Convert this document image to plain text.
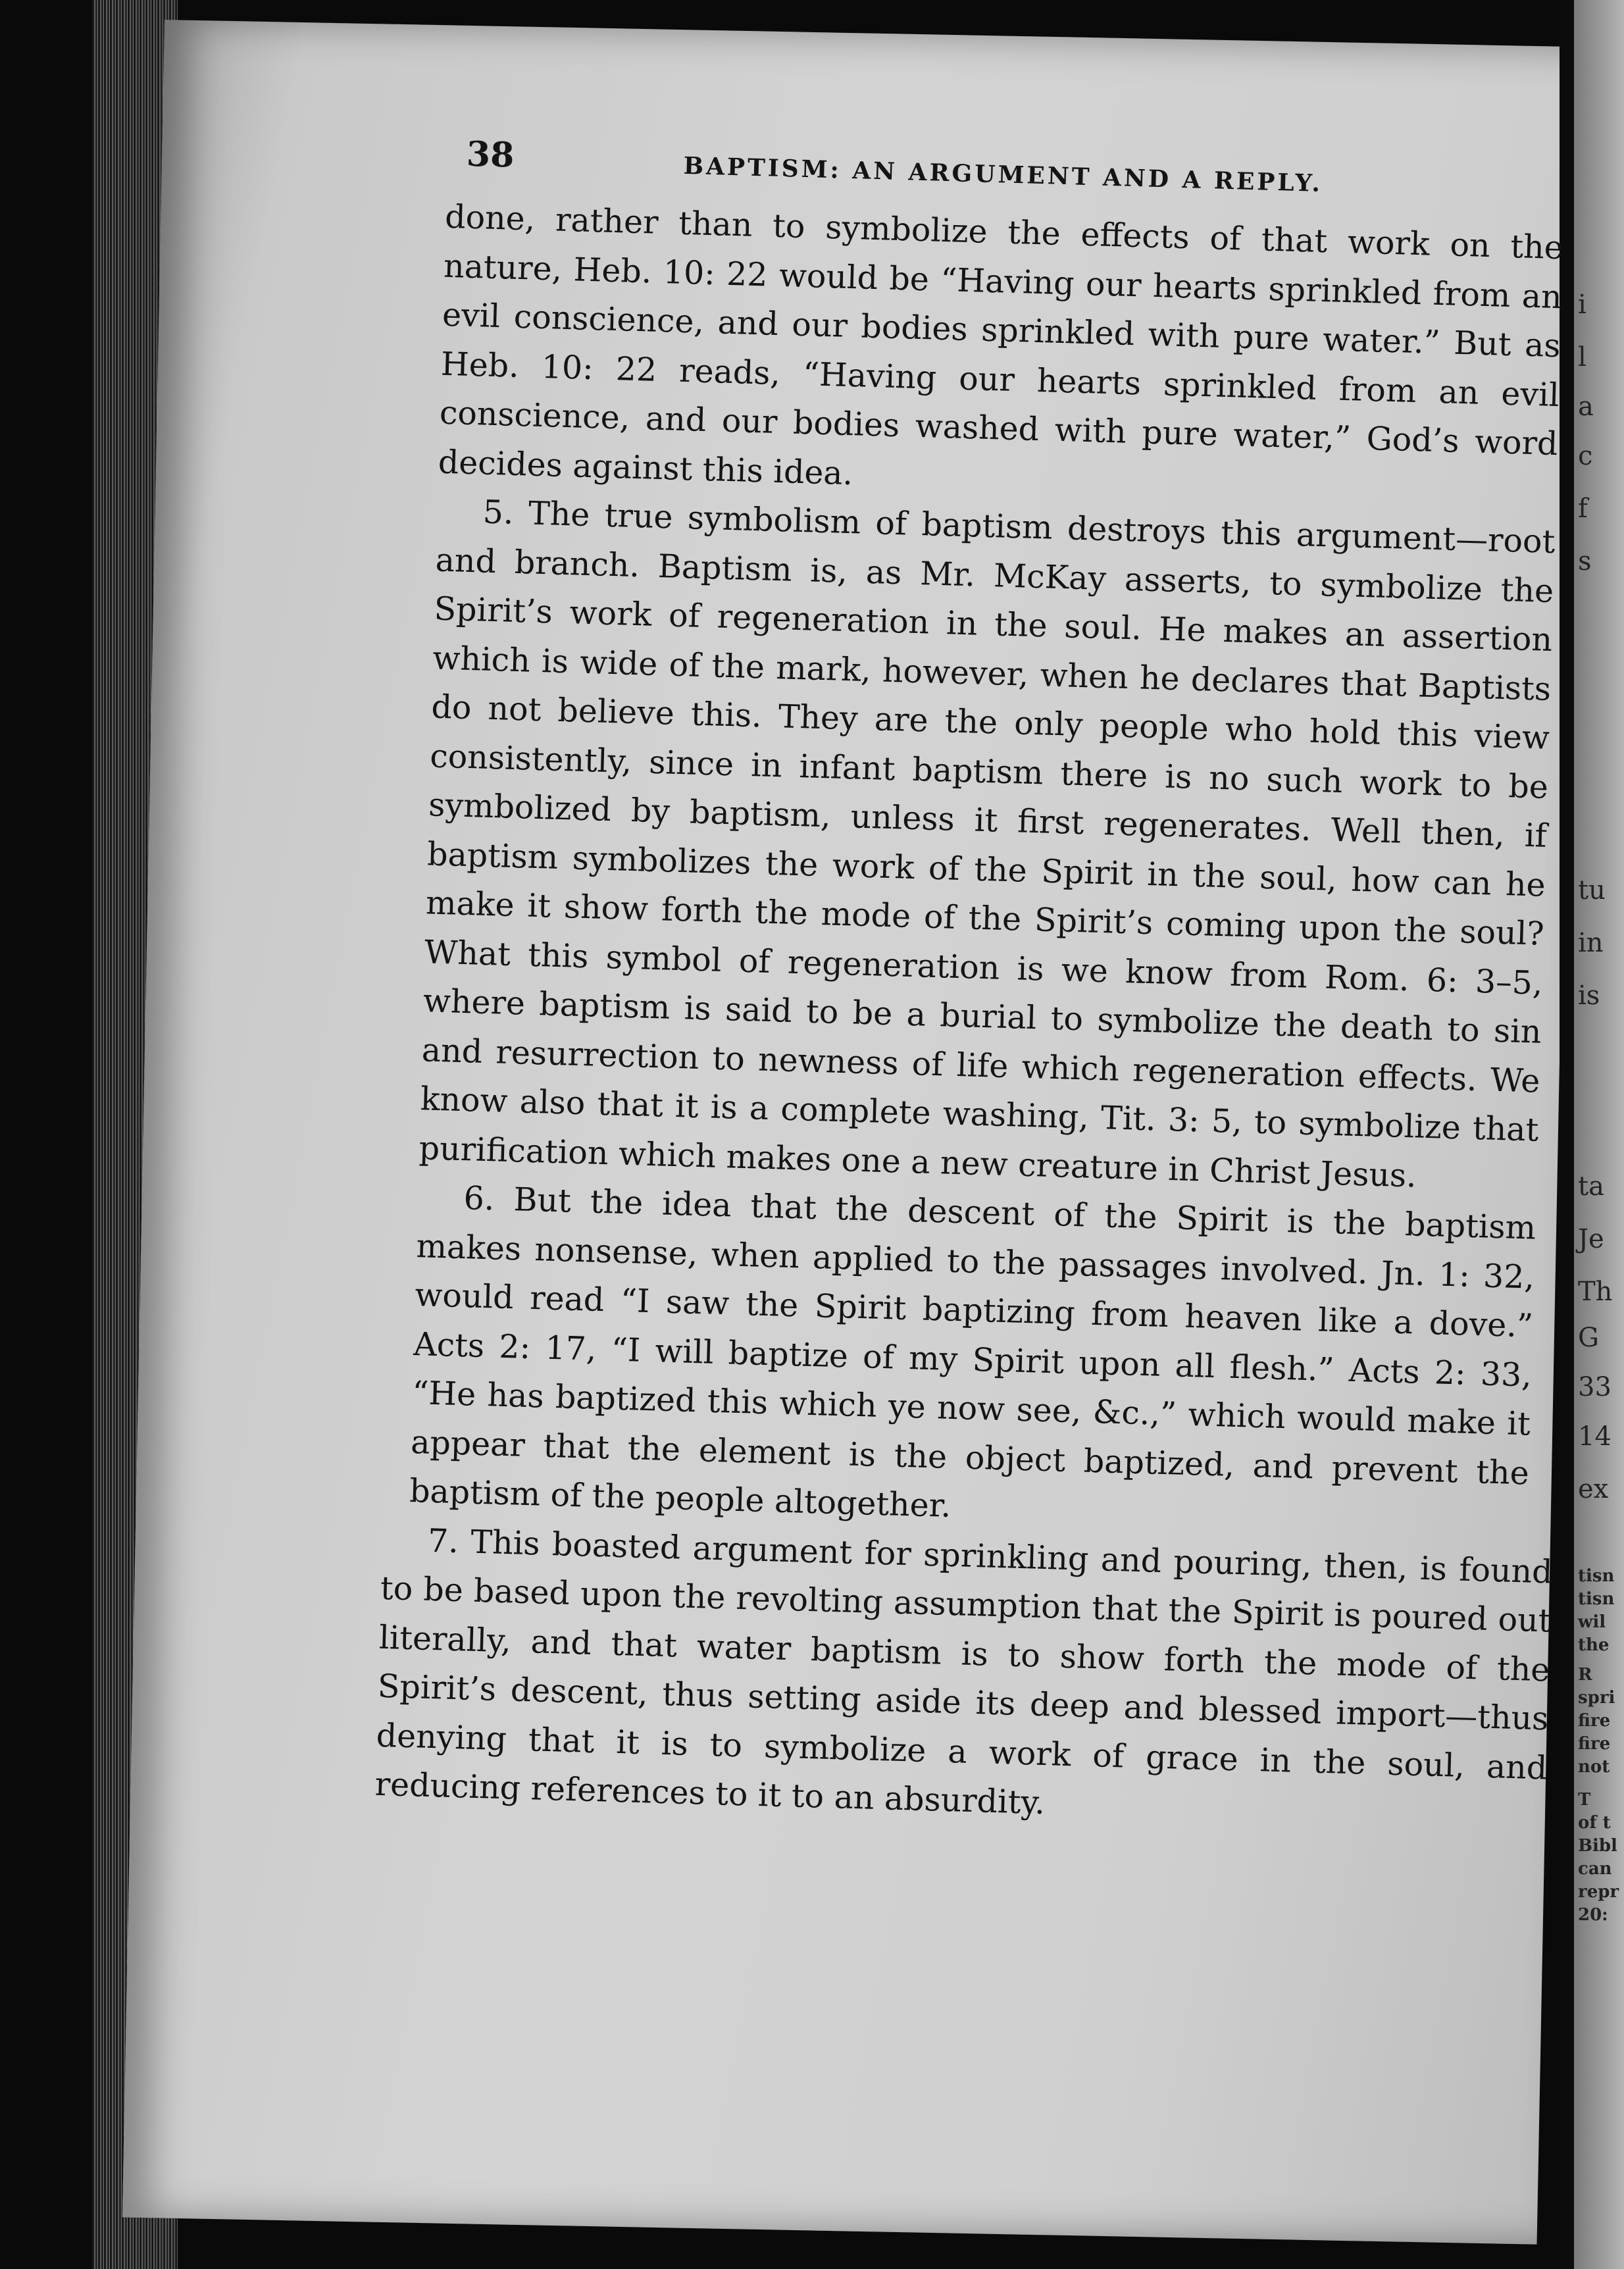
i
l
a
c
f
s
tu
in
is
ta
Je
Th
G
33
14
ex
tisn
tisn
wil
the
R
spri
fire
fire
not
T
of t
Bibl
can
repr
20:
38	BAPTISM: AN ARGUMENT AND A REPLY.

done, rather than to symbolize the effects of that work on the nature, Heb. 10: 22 would be “Having our hearts sprinkled from an evil conscience, and our bodies sprinkled with pure water.” But as Heb. 10: 22 reads, “Having our hearts sprinkled from an evil conscience, and our bodies washed with pure water,” God’s word decides against this idea.

5. The true symbolism of baptism destroys this argument—root and branch. Baptism is, as Mr. McKay asserts, to symbolize the Spirit’s work of regeneration in the soul. He makes an assertion which is wide of the mark, however, when he declares that Baptists do not believe this. They are the only people who hold this view consistently, since in infant baptism there is no such work to be symbolized by baptism, unless it first regenerates. Well then, if baptism symbolizes the work of the Spirit in the soul, how can he make it show forth the mode of the Spirit’s coming upon the soul? What this symbol of regeneration is we know from Rom. 6: 3–5, where baptism is said to be a burial to symbolize the death to sin and resurrection to newness of life which regeneration effects. We know also that it is a complete washing, Tit. 3: 5, to symbolize that purification which makes one a new creature in Christ Jesus.

6. But the idea that the descent of the Spirit is the baptism makes nonsense, when applied to the passages involved. Jn. 1: 32, would read “I saw the Spirit baptizing from heaven like a dove.” Acts 2: 17, “I will baptize of my Spirit upon all flesh.” Acts 2: 33, “He has baptized this which ye now see, &c.,” which would make it appear that the element is the object baptized, and prevent the baptism of the people altogether.

7. This boasted argument for sprinkling and pouring, then, is found to be based upon the revolting assumption that the Spirit is poured out literally, and that water baptism is to show forth the mode of the Spirit’s descent, thus setting aside its deep and blessed import—thus denying that it is to symbolize a work of grace in the soul, and reducing references to it to an absurdity.
